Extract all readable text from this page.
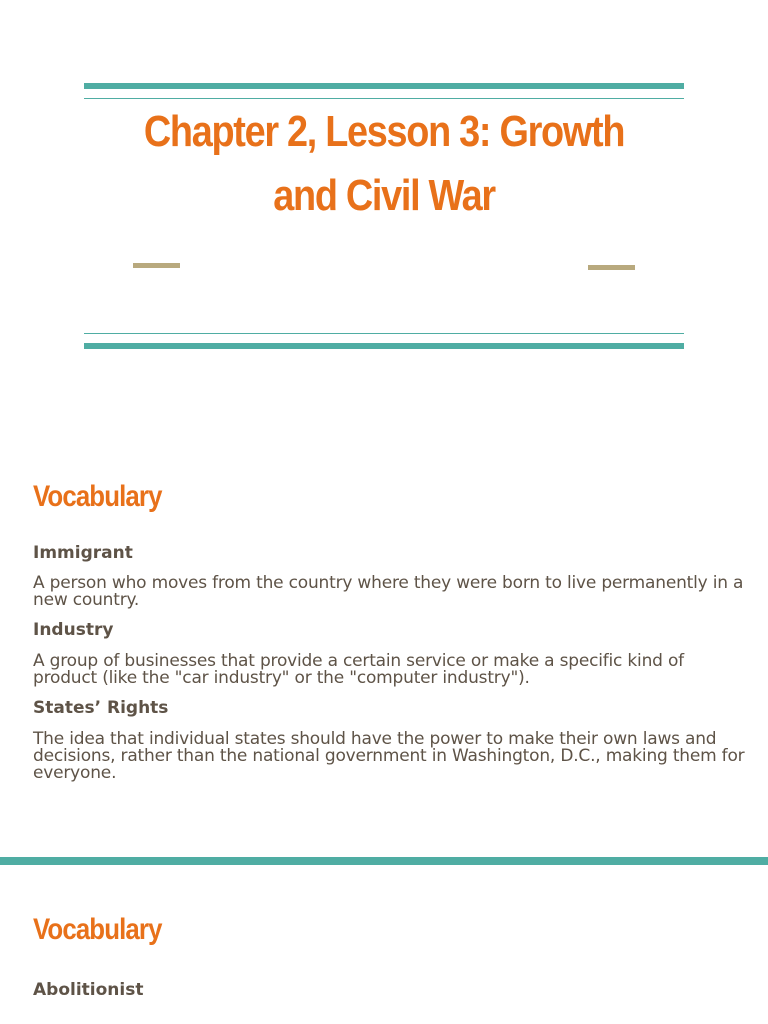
Chapter 2, Lesson 3: Growth and Civil War
Vocabulary

Immigrant

A person who moves from the country where they were born to live permanently in a new country.

Industry

A group of businesses that provide a certain service or make a specific kind of product (like the "car industry" or the "computer industry").

States’ Rights

The idea that individual states should have the power to make their own laws and decisions, rather than the national government in Washington, D.C., making them for everyone.

Vocabulary

Abolitionist
